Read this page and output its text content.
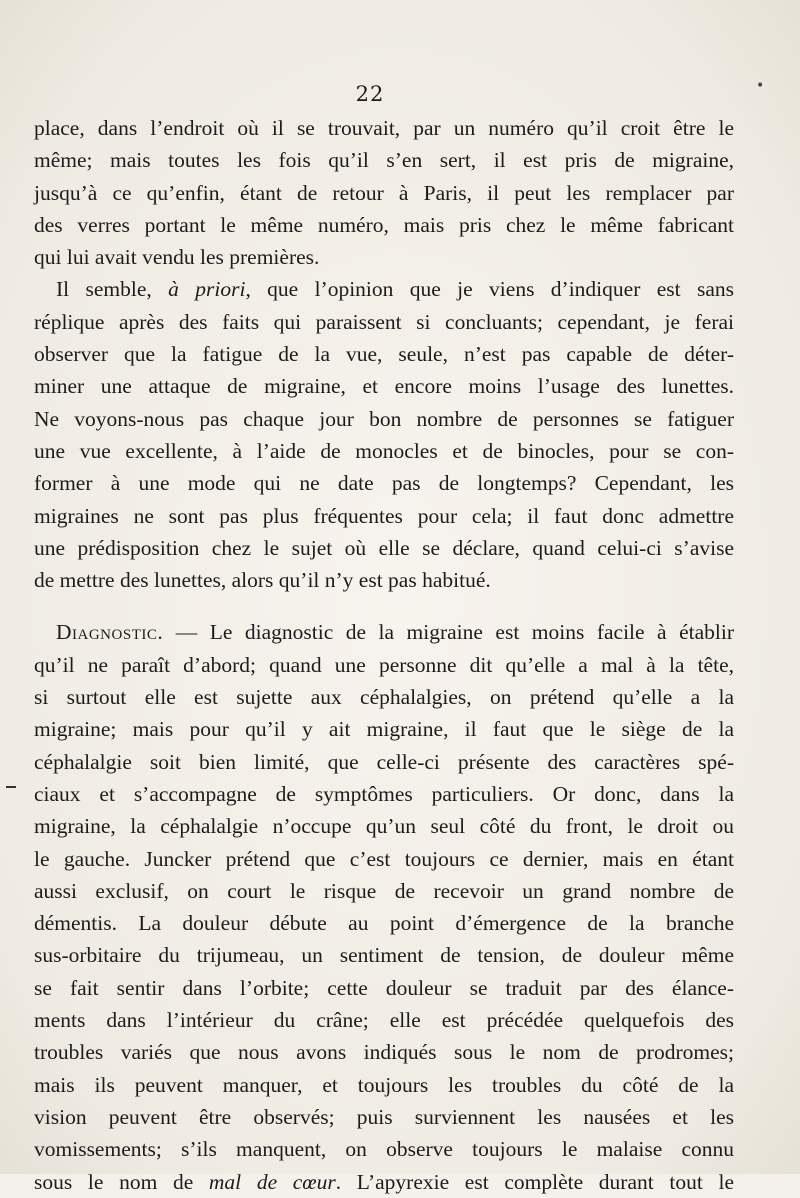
22	•
place, dans l’endroit où il se trouvait, par un numéro qu’il croit être le
même; mais toutes les fois qu’il s’en sert, il est pris de migraine,
jusqu’à ce qu’enfin, étant de retour à Paris, il peut les remplacer par
des verres portant le même numéro, mais pris chez le même fabricant
qui lui avait vendu les premières.
Il semble, à priori, que l’opinion que je viens d’indiquer est sans
réplique après des faits qui paraissent si concluants; cependant, je ferai
observer que la fatigue de la vue, seule, n’est pas capable de déter-
miner une attaque de migraine, et encore moins l’usage des lunettes.
Ne voyons-nous pas chaque jour bon nombre de personnes se fatiguer
une vue excellente, à l’aide de monocles et de binocles, pour se con-
former à une mode qui ne date pas de longtemps? Cependant, les
migraines ne sont pas plus fréquentes pour cela; il faut donc admettre
une prédisposition chez le sujet où elle se déclare, quand celui-ci s’avise
de mettre des lunettes, alors qu’il n’y est pas habitué.
Diagnostic. — Le diagnostic de la migraine est moins facile à établir
qu’il ne paraît d’abord; quand une personne dit qu’elle a mal à la tête,
si surtout elle est sujette aux céphalalgies, on prétend qu’elle a la
migraine; mais pour qu’il y ait migraine, il faut que le siège de la
céphalalgie soit bien limité, que celle-ci présente des caractères spé-
ciaux et s’accompagne de symptômes particuliers. Or donc, dans la
migraine, la céphalalgie n’occupe qu’un seul côté du front, le droit ou
le gauche. Juncker prétend que c’est toujours ce dernier, mais en étant
aussi exclusif, on court le risque de recevoir un grand nombre de
démentis. La douleur débute au point d’émergence de la branche
sus-orbitaire du trijumeau, un sentiment de tension, de douleur même
se fait sentir dans l’orbite; cette douleur se traduit par des élance-
ments dans l’intérieur du crâne; elle est précédée quelquefois des
troubles variés que nous avons indiqués sous le nom de prodromes;
mais ils peuvent manquer, et toujours les troubles du côté de la
vision peuvent être observés; puis surviennent les nausées et les
vomissements; s’ils manquent, on observe toujours le malaise connu
sous le nom de mal de cœur. L’apyrexie est complète durant tout le
